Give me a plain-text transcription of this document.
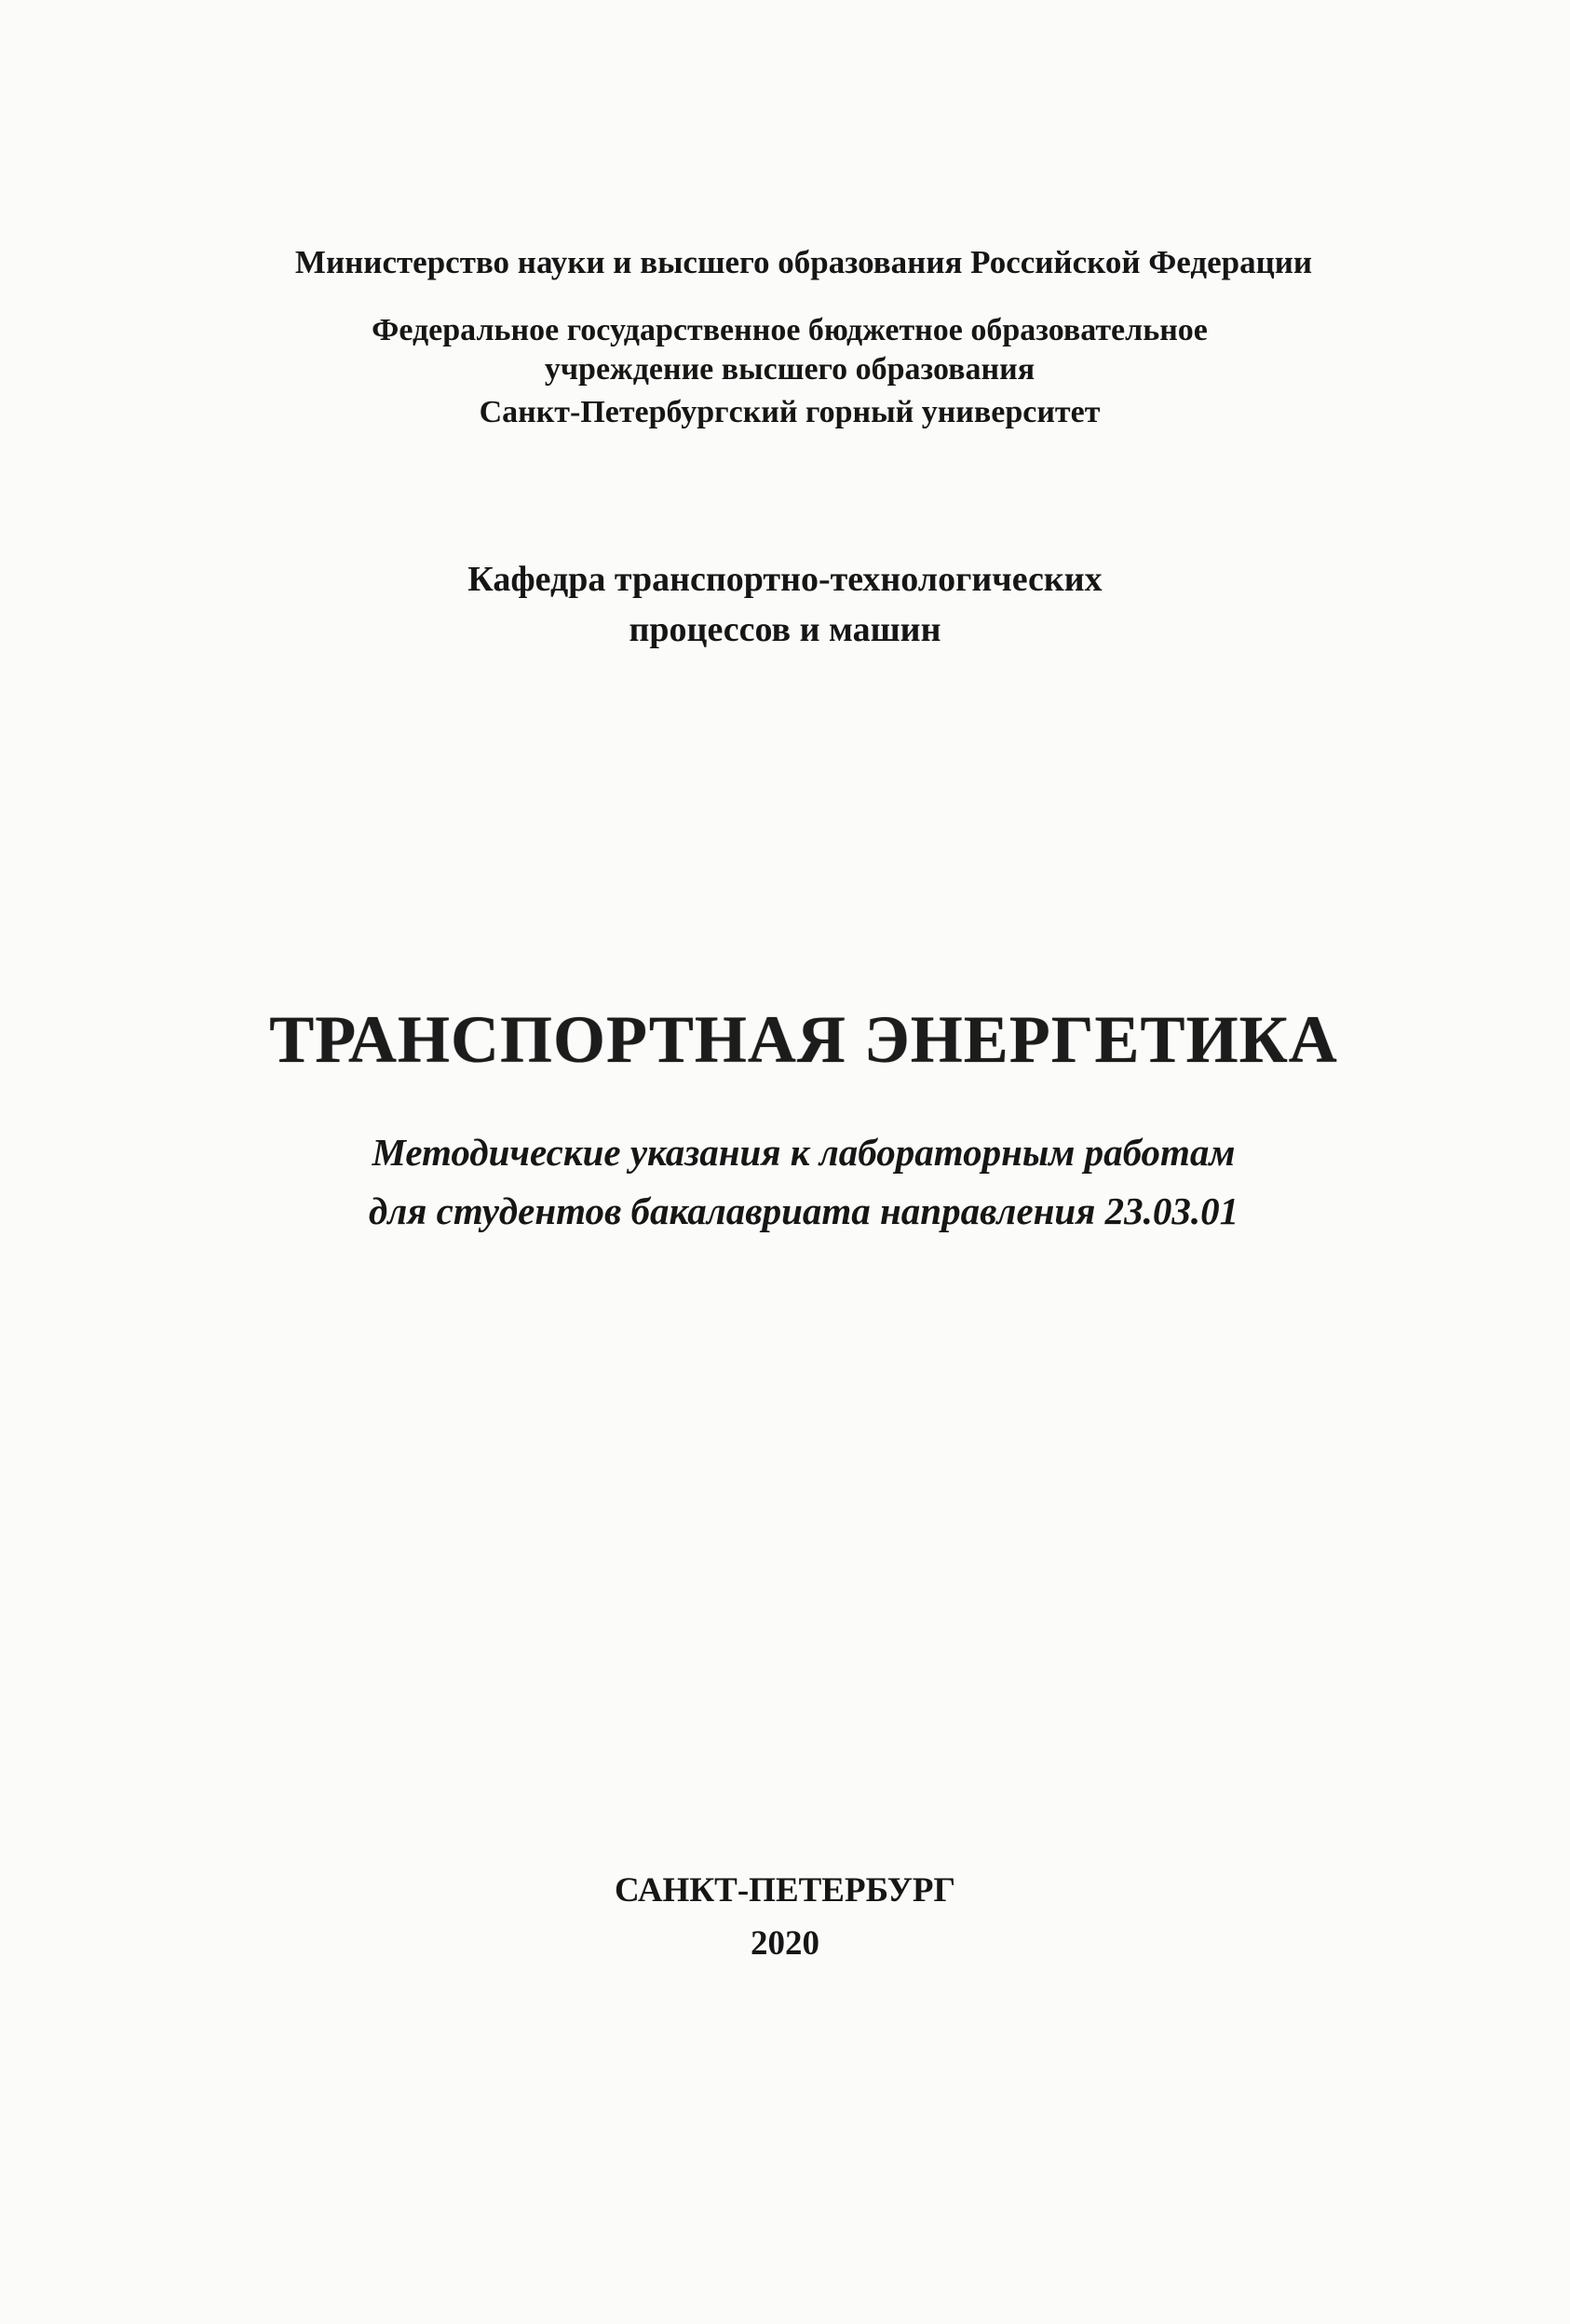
Министерство науки и высшего образования Российской Федерации
Федеральное государственное бюджетное образовательное
учреждение высшего образования
Санкт-Петербургский горный университет
Кафедра транспортно-технологических
процессов и машин
ТРАНСПОРТНАЯ ЭНЕРГЕТИКА
Методические указания к лабораторным работам
для студентов бакалавриата направления 23.03.01
САНКТ-ПЕТЕРБУРГ
2020
